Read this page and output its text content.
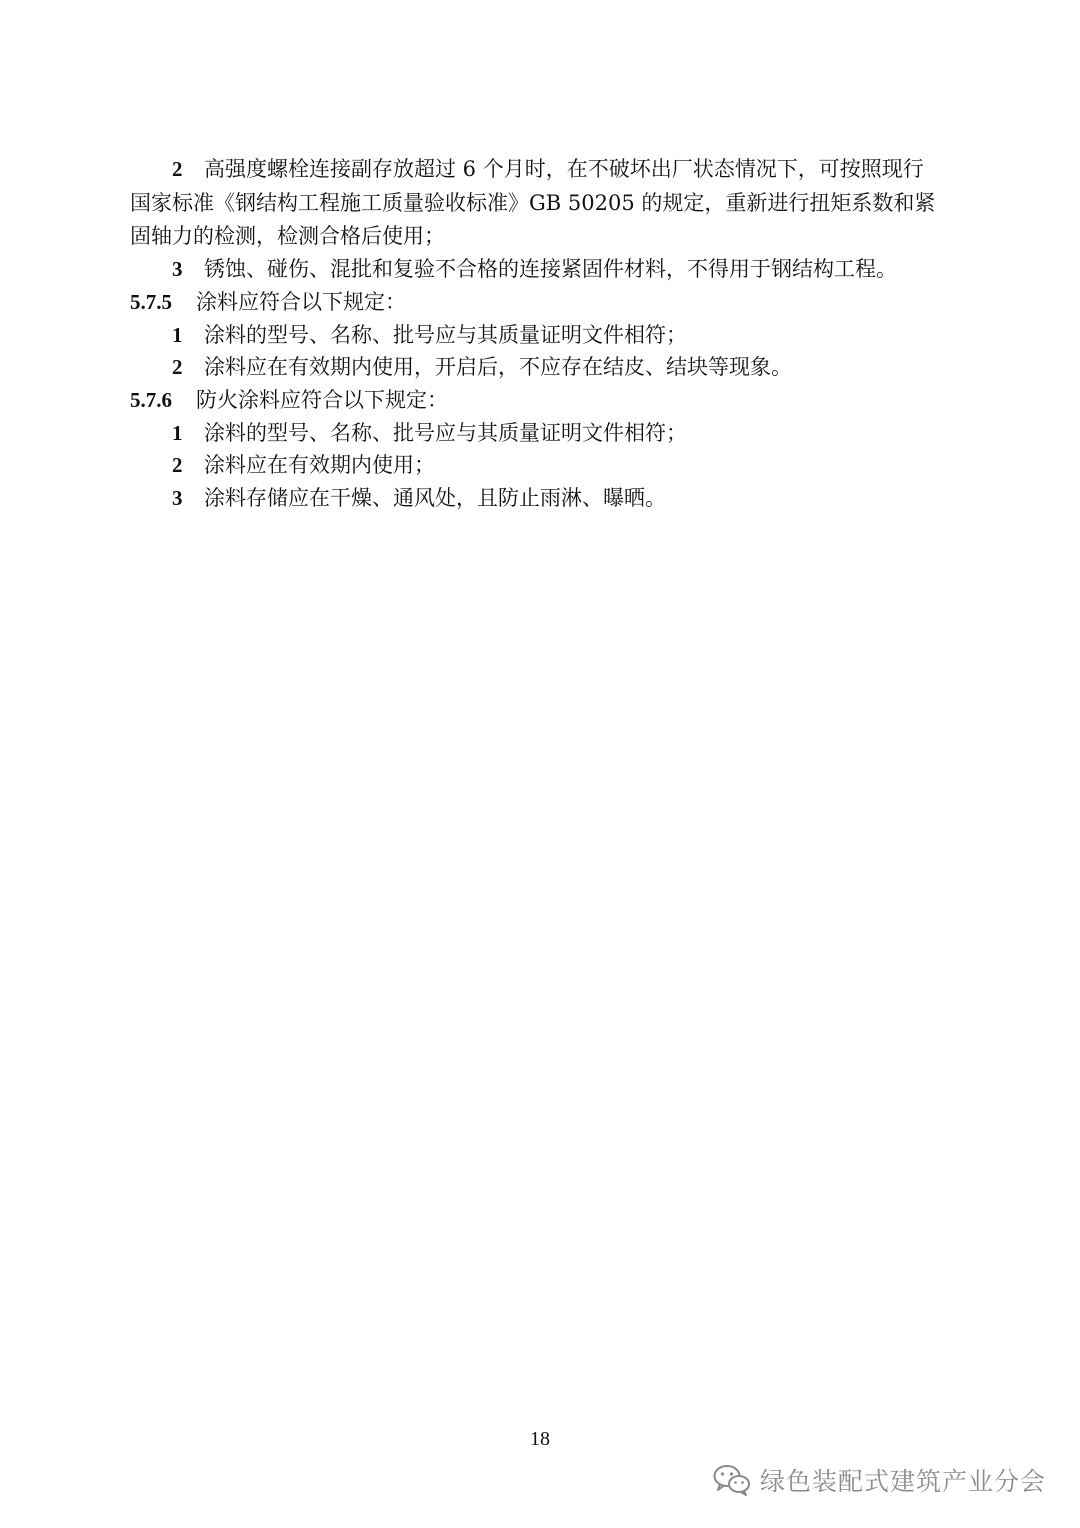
2 高强度螺栓连接副存放超过 6 个月时，在不破坏出厂状态情况下，可按照现行
国家标准《钢结构工程施工质量验收标准》GB 50205 的规定，重新进行扭矩系数和紧
固轴力的检测，检测合格后使用；
3 锈蚀、碰伤、混批和复验不合格的连接紧固件材料，不得用于钢结构工程。
5.7.5 涂料应符合以下规定：
1 涂料的型号、名称、批号应与其质量证明文件相符；
2 涂料应在有效期内使用，开启后，不应存在结皮、结块等现象。
5.7.6 防火涂料应符合以下规定：
1 涂料的型号、名称、批号应与其质量证明文件相符；
2 涂料应在有效期内使用；
3 涂料存储应在干燥、通风处，且防止雨淋、曝晒。
18
绿色装配式建筑产业分会
